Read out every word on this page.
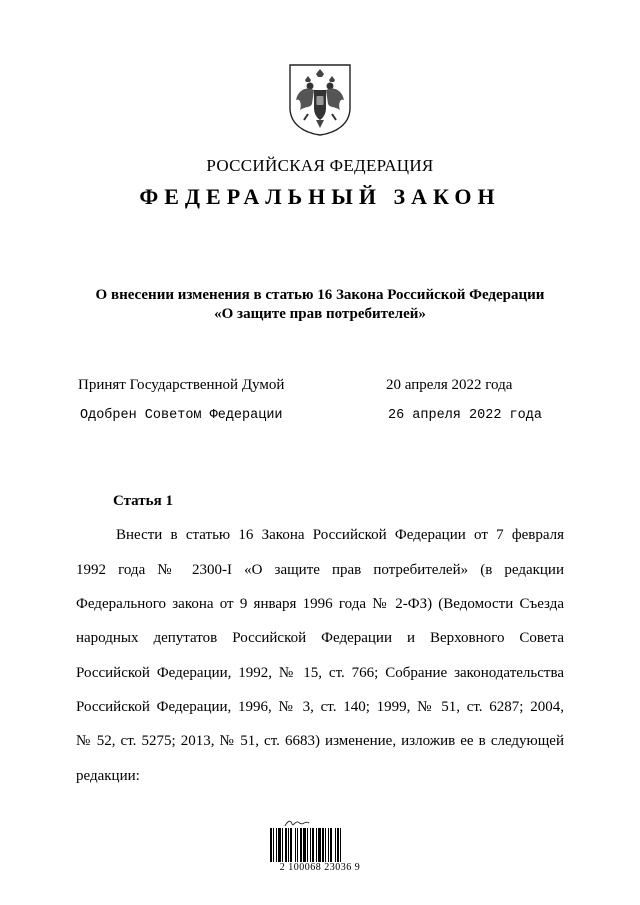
РОССИЙСКАЯ ФЕДЕРАЦИЯ
ФЕДЕРАЛЬНЫЙ ЗАКОН
О внесении изменения в статью 16 Закона Российской Федерации
«О защите прав потребителей»
Принят Государственной Думой	20 апреля 2022 года
Одобрен Советом Федерации	26 апреля 2022 года
Статья 1
Внести в статью 16 Закона Российской Федерации от 7 февраля
1992 года № 2300-I «О защите прав потребителей» (в редакции
Федерального закона от 9 января 1996 года № 2-ФЗ) (Ведомости Съезда
народных депутатов Российской Федерации и Верховного Совета
Российской Федерации, 1992, № 15, ст. 766; Собрание законодательства
Российской Федерации, 1996, № 3, ст. 140; 1999, № 51, ст. 6287; 2004,
№ 52, ст. 5275; 2013, № 51, ст. 6683) изменение, изложив ее в следующей
редакции:
2 100068 23036 9
